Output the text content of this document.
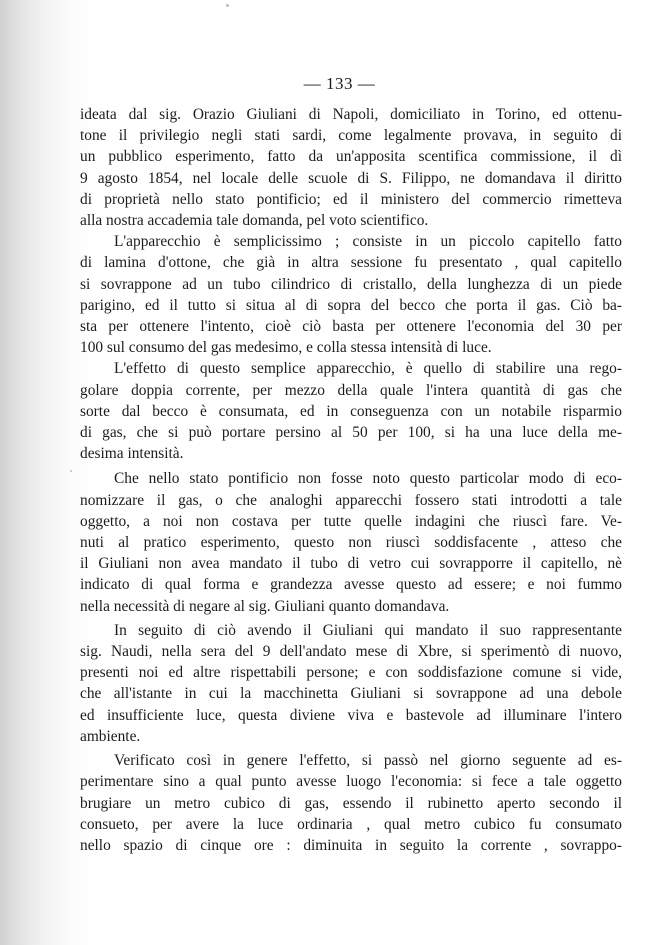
— 133 —
ideata dal sig. Orazio Giuliani di Napoli, domiciliato in Torino, ed ottenu-
tone il privilegio negli stati sardi, come legalmente provava, in seguito di
un pubblico esperimento, fatto da un'apposita scentifica commissione, il dì
9 agosto 1854, nel locale delle scuole di S. Filippo, ne domandava il diritto
di proprietà nello stato pontificio; ed il ministero del commercio rimetteva
alla nostra accademia tale domanda, pel voto scientifico.
L'apparecchio è semplicissimo ; consiste in un piccolo capitello fatto
di lamina d'ottone, che già in altra sessione fu presentato , qual capitello
si sovrappone ad un tubo cilindrico di cristallo, della lunghezza di un piede
parigino, ed il tutto si situa al di sopra del becco che porta il gas. Ciò ba-
sta per ottenere l'intento, cioè ciò basta per ottenere l'economia del 30 per
100 sul consumo del gas medesimo, e colla stessa intensità di luce.
L'effetto di questo semplice apparecchio, è quello di stabilire una rego-
golare doppia corrente, per mezzo della quale l'intera quantità di gas che
sorte dal becco è consumata, ed in conseguenza con un notabile risparmio
di gas, che si può portare persino al 50 per 100, si ha una luce della me-
desima intensità.
Che nello stato pontificio non fosse noto questo particolar modo di eco-
nomizzare il gas, o che analoghi apparecchi fossero stati introdotti a tale
oggetto, a noi non costava per tutte quelle indagini che riuscì fare. Ve-
nuti al pratico esperimento, questo non riuscì soddisfacente , atteso che
il Giuliani non avea mandato il tubo di vetro cui sovrapporre il capitello, nè
indicato di qual forma e grandezza avesse questo ad essere; e noi fummo
nella necessità di negare al sig. Giuliani quanto domandava.
In seguito di ciò avendo il Giuliani qui mandato il suo rappresentante
sig. Naudi, nella sera del 9 dell'andato mese di Xbre, si sperimentò di nuovo,
presenti noi ed altre rispettabili persone; e con soddisfazione comune si vide,
che all'istante in cui la macchinetta Giuliani si sovrappone ad una debole
ed insufficiente luce, questa diviene viva e bastevole ad illuminare l'intero
ambiente.
Verificato così in genere l'effetto, si passò nel giorno seguente ad es-
perimentare sino a qual punto avesse luogo l'economia: si fece a tale oggetto
brugiare un metro cubico di gas, essendo il rubinetto aperto secondo il
consueto, per avere la luce ordinaria , qual metro cubico fu consumato
nello spazio di cinque ore : diminuita in seguito la corrente , sovrappo-
